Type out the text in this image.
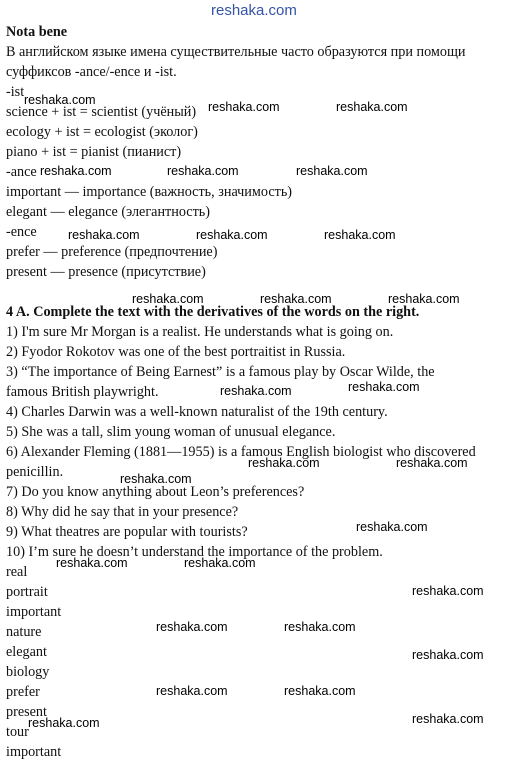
reshaka.com
Nota bene
В английском языке имена существительные часто образуются при помощи
суффиксов -ance/-ence и -ist.
-ist
science + ist = scientist (учёный)
ecology + ist = ecologist (эколог)
piano + ist = pianist (пианист)
-ance
important — importance (важность, значимость)
elegant — elegance (элегантность)
-ence
prefer — preference (предпочтение)
present — presence (присутствие)
4 A. Complete the text with the derivatives of the words on the right.
1) I'm sure Mr Morgan is a realist. He understands what is going on.
2) Fyodor Rokotov was one of the best portraitist in Russia.
3) “The importance of Being Earnest” is a famous play by Oscar Wilde, the
famous British playwright.
4) Charles Darwin was a well-known naturalist of the 19th century.
5) She was a tall, slim young woman of unusual elegance.
6) Alexander Fleming (1881—1955) is a famous English biologist who discovered
penicillin.
7) Do you know anything about Leon’s preferences?
8) Why did he say that in your presence?
9) What theatres are popular with tourists?
10) I’m sure he doesn’t understand the importance of the problem.
real
portrait
important
nature
elegant
biology
prefer
present
tour
important
reshaka.com	reshaka.com	reshaka.com
reshaka.com	reshaka.com	reshaka.com
reshaka.com	reshaka.com	reshaka.com
reshaka.com	reshaka.com	reshaka.com
reshaka.com	reshaka.com
reshaka.com	reshaka.com
reshaka.com
reshaka.com
reshaka.com	reshaka.com
reshaka.com
reshaka.com	reshaka.com
reshaka.com
reshaka.com	reshaka.com
reshaka.com
reshaka.com
